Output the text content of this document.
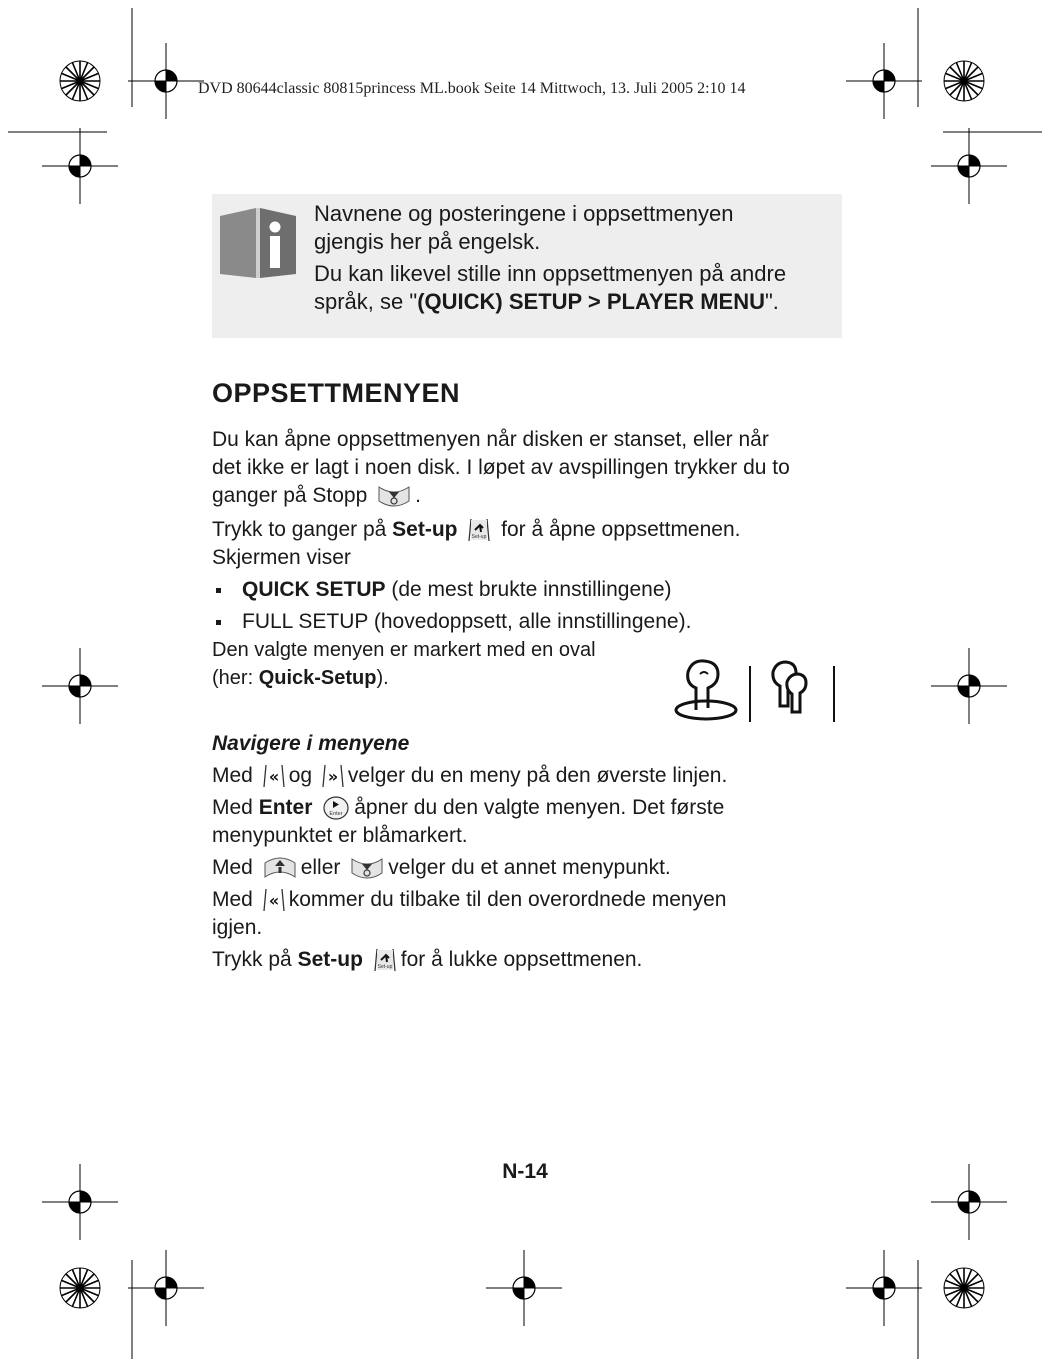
DVD 80644classic 80815princess ML.book Seite 14 Mittwoch, 13. Juli 2005 2:10 14

Navnene og posteringene i oppsettmenyen

gjengis her på engelsk.

Du kan likevel stille inn oppsettmenyen på andre

språk, se "(QUICK) SETUP > PLAYER MENU".

OPPSETTMENYEN

Du kan åpne oppsettmenyen når disken er stanset, eller når

det ikke er lagt i noen disk. I løpet av avspillingen trykker du to

ganger på Stopp .

Trykk to ganger på Set-up	Set-up for å åpne oppsettmenen.

Skjermen viser

QUICK SETUP (de mest brukte innstillingene)

FULL SETUP (hovedoppsett, alle innstillingene).

Den valgte menyen er markert med en oval

(her: Quick-Setup).

Navigere i menyene

Med « og » velger du en meny på den øverste linjen.

Med Enter	Enter åpner du den valgte menyen. Det første

menypunktet er blåmarkert.

Med eller velger du et annet menypunkt.

Med « kommer du tilbake til den overordnede menyen

igjen.

Trykk på Set-up	Set-up for å lukke oppsettmenen.

N-14
